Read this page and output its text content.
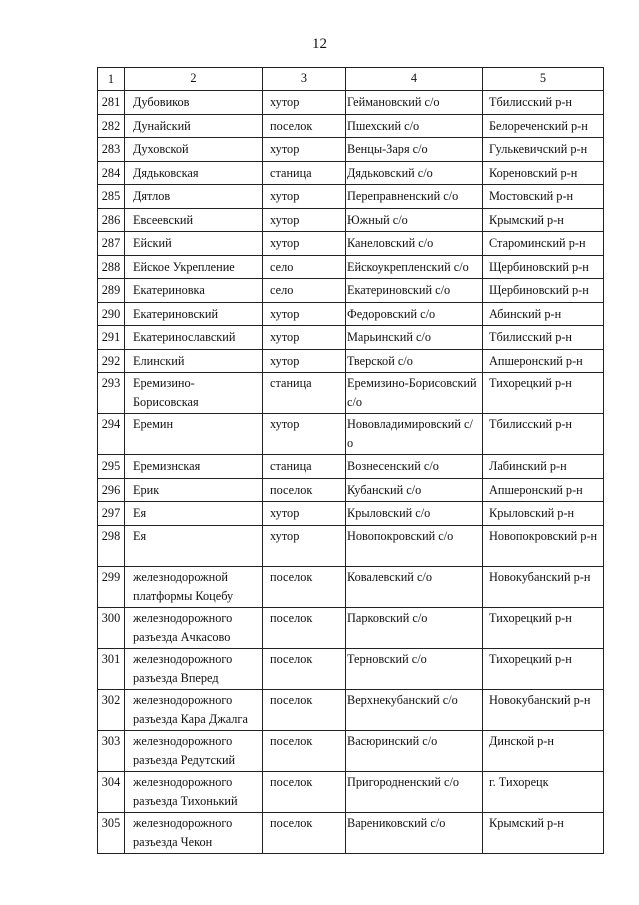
12
1	2	3	4	5
281	Дубовиков	хутор	Геймановский с/о	Тбилисский р-н
282	Дунайский	поселок	Пшехский с/о	Белореченский р-н
283	Духовской	хутор	Венцы-Заря с/о	Гулькевичский р-н
284	Дядьковская	станица	Дядьковский с/о	Кореновский р-н
285	Дятлов	хутор	Переправненский с/о	Мостовский р-н
286	Евсеевский	хутор	Южный с/о	Крымский р-н
287	Ейский	хутор	Канеловский с/о	Староминский р-н
288	Ейское Укрепление	село	Ейскоукрепленский с/о	Щербиновский р-н
289	Екатериновка	село	Екатериновский с/о	Щербиновский р-н
290	Екатериновский	хутор	Федоровский с/о	Абинский р-н
291	Екатеринославский	хутор	Марьинский с/о	Тбилисский р-н
292	Елинский	хутор	Тверской с/о	Апшеронский р-н
293	Еремизино-Борисовская	станица	Еремизино-Борисовский с/о	Тихорецкий р-н
294	Еремин	хутор	Нововладимировский с/о	Тбилисский р-н
295	Еремизнская	станица	Вознесенский с/о	Лабинский р-н
296	Ерик	поселок	Кубанский с/о	Апшеронский р-н
297	Ея	хутор	Крыловский с/о	Крыловский р-н
298	Ея	хутор	Новопокровский с/о	Новопокровский р-н
299	железнодорожной платформы Коцебу	поселок	Ковалевский с/о	Новокубанский р-н
300	железнодорожного разъезда Ачкасово	поселок	Парковский с/о	Тихорецкий р-н
301	железнодорожного разъезда Вперед	поселок	Терновский с/о	Тихорецкий р-н
302	железнодорожного разъезда Кара Джалга	поселок	Верхнекубанский с/о	Новокубанский р-н
303	железнодорожного разъезда Редутский	поселок	Васюринский с/о	Динской р-н
304	железнодорожного разъезда Тихонький	поселок	Пригородненский с/о	г. Тихорецк
305	железнодорожного разъезда Чекон	поселок	Варениковский с/о	Крымский р-н
